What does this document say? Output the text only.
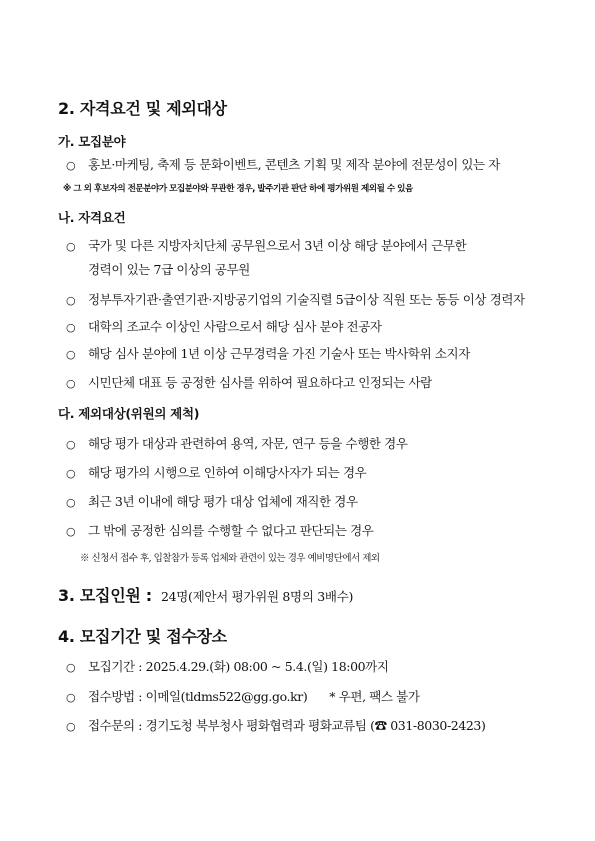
2. 자격요건 및 제외대상
가. 모집분야
○ 홍보·마케팅, 축제 등 문화이벤트, 콘텐츠 기획 및 제작 분야에 전문성이 있는 자
※ 그 외 후보자의 전문분야가 모집분야와 무관한 경우, 발주기관 판단 하에 평가위원 제외될 수 있음
나. 자격요건
○ 국가 및 다른 지방자치단체 공무원으로서 3년 이상 해당 분야에서 근무한
경력이 있는 7급 이상의 공무원
○ 정부투자기관·출연기관·지방공기업의 기술직렬 5급이상 직원 또는 동등 이상 경력자
○ 대학의 조교수 이상인 사람으로서 해당 심사 분야 전공자
○ 해당 심사 분야에 1년 이상 근무경력을 가진 기술사 또는 박사학위 소지자
○ 시민단체 대표 등 공정한 심사를 위하여 필요하다고 인정되는 사람
다. 제외대상(위원의 제척)
○ 해당 평가 대상과 관련하여 용역, 자문, 연구 등을 수행한 경우
○ 해당 평가의 시행으로 인하여 이해당사자가 되는 경우
○ 최근 3년 이내에 해당 평가 대상 업체에 재직한 경우
○ 그 밖에 공정한 심의를 수행할 수 없다고 판단되는 경우
※ 신청서 접수 후, 입찰참가 등록 업체와 관련이 있는 경우 예비명단에서 제외
3. 모집인원 : 24명(제안서 평가위원 8명의 3배수)
4. 모집기간 및 접수장소
○ 모집기간 : 2025.4.29.(화) 08:00 ~ 5.4.(일) 18:00까지
○ 접수방법 : 이메일(tldms522@gg.go.kr) * 우편, 팩스 불가
○ 접수문의 : 경기도청 북부청사 평화협력과 평화교류팀 (☎ 031-8030-2423)
